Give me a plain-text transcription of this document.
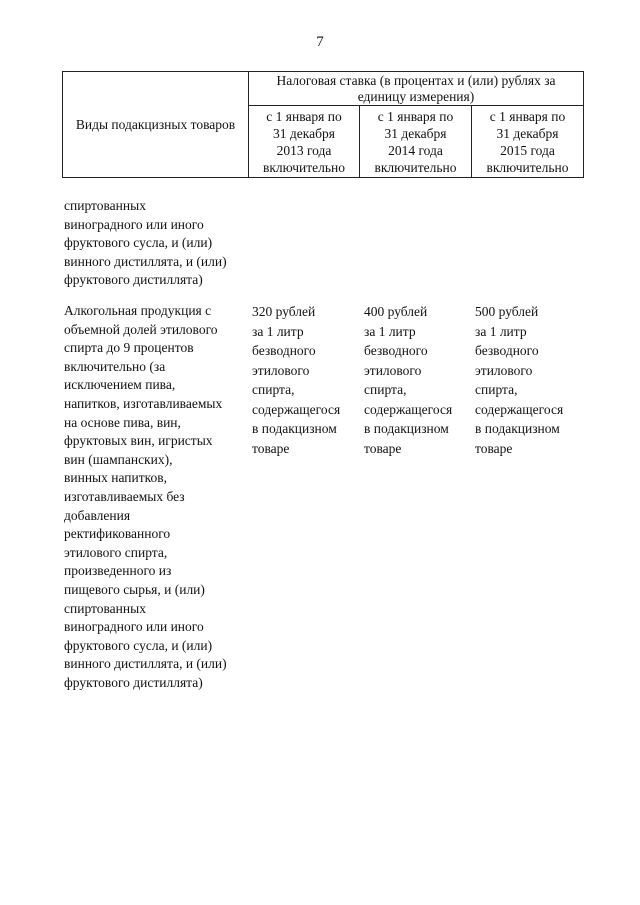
7
Виды подакцизных товаров
Налоговая ставка (в процентах и (или) рублях за
единицу измерения)
с 1 января по
31 декабря
2013 года
включительно
с 1 января по
31 декабря
2014 года
включительно
с 1 января по
31 декабря
2015 года
включительно
спиртованных
виноградного или иного
фруктового сусла, и (или)
винного дистиллята, и (или)
фруктового дистиллята)
Алкогольная продукция с
объемной долей этилового
спирта до 9 процентов
включительно (за
исключением пива,
напитков, изготавливаемых
на основе пива, вин,
фруктовых вин, игристых
вин (шампанских),
винных напитков,
изготавливаемых без
добавления
ректификованного
этилового спирта,
произведенного из
пищевого сырья, и (или)
спиртованных
виноградного или иного
фруктового сусла, и (или)
винного дистиллята, и (или)
фруктового дистиллята)
320 рублей
за 1 литр
безводного
этилового
спирта,
содержащегося
в подакцизном
товаре
400 рублей
за 1 литр
безводного
этилового
спирта,
содержащегося
в подакцизном
товаре
500 рублей
за 1 литр
безводного
этилового
спирта,
содержащегося
в подакцизном
товаре
